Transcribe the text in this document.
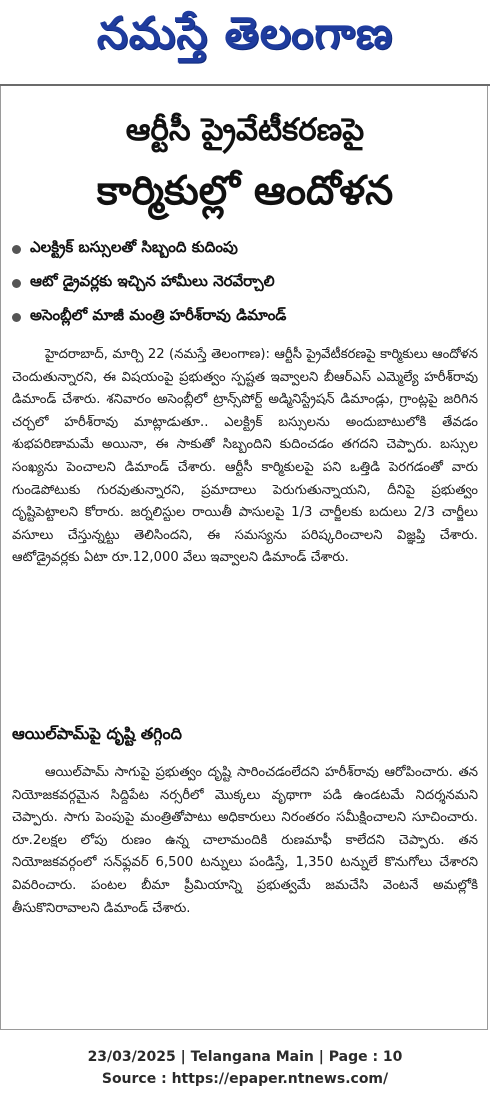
నమస్తే తెలంగాణ
ఆర్టీసీ ప్రైవేటీకరణపై
కార్మికుల్లో ఆందోళన
ఎలక్ట్రిక్ బస్సులతో సిబ్బంది కుదింపు
ఆటో డ్రైవర్లకు ఇచ్చిన హామీలు నెరవేర్చాలి
అసెంబ్లీలో మాజీ మంత్రి హరీశ్‌రావు డిమాండ్

హైదరాబాద్, మార్చి 22 (నమస్తే తెలంగాణ): ఆర్టీసీ ప్రైవేటీకరణపై కార్మికులు ఆందోళన చెందుతున్నారని, ఈ విషయంపై ప్రభుత్వం స్పష్టత ఇవ్వాలని బీఆర్‌ఎస్ ఎమ్మెల్యే హరీశ్‌రావు డిమాండ్ చేశారు. శనివారం అసెంబ్లీలో ట్రాన్స్‌పోర్ట్ అడ్మినిస్ట్రేషన్ డిమాండ్లు, గ్రాంట్లపై జరిగిన చర్చలో హరీశ్‌రావు మాట్లాడుతూ.. ఎలక్ట్రిక్ బస్సులను అందుబాటులోకి తేవడం శుభపరిణామమే అయినా, ఈ సాకుతో సిబ్బందిని కుదించడం తగదని చెప్పారు. బస్సుల సంఖ్యను పెంచాలని డిమాండ్ చేశారు. ఆర్టీసీ కార్మికులపై పని ఒత్తిడి పెరగడంతో వారు గుండెపోటుకు గురవుతున్నారని, ప్రమాదాలు పెరుగుతున్నాయని, దీనిపై ప్రభుత్వం దృష్టిపెట్టాలని కోరారు. జర్నలిస్టుల రాయితీ పాసులపై 1/3 చార్జీలకు బదులు 2/3 చార్జీలు వసూలు చేస్తున్నట్టు తెలిసిందని, ఈ సమస్యను పరిష్కరించాలని విజ్ఞప్తి చేశారు. ఆటోడ్రైవర్లకు ఏటా రూ.12,000 వేలు ఇవ్వాలని డిమాండ్ చేశారు.

ఆయిల్‌పామ్‌పై దృష్టి తగ్గింది

ఆయిల్‌పామ్ సాగుపై ప్రభుత్వం దృష్టి సారించడంలేదని హరీశ్‌రావు ఆరోపించారు. తన నియోజకవర్గమైన సిద్దిపేట నర్సరీలో మొక్కలు వృథాగా పడి ఉండటమే నిదర్శనమని చెప్పారు. సాగు పెంపుపై మంత్రితోపాటు అధికారులు నిరంతరం సమీక్షించాలని సూచించారు. రూ.2లక్షల లోపు రుణం ఉన్న చాలామందికి రుణమాఫీ కాలేదని చెప్పారు. తన నియోజకవర్గంలో సన్‌ఫ్లవర్ 6,500 టన్నులు పండిస్తే, 1,350 టన్నులే కొనుగోలు చేశారని వివరించారు. పంటల బీమా ప్రీమియాన్ని ప్రభుత్వమే జమచేసి వెంటనే అమల్లోకి తీసుకొనిరావాలని డిమాండ్ చేశారు.

23/03/2025 | Telangana Main | Page : 10
Source : https://epaper.ntnews.com/
